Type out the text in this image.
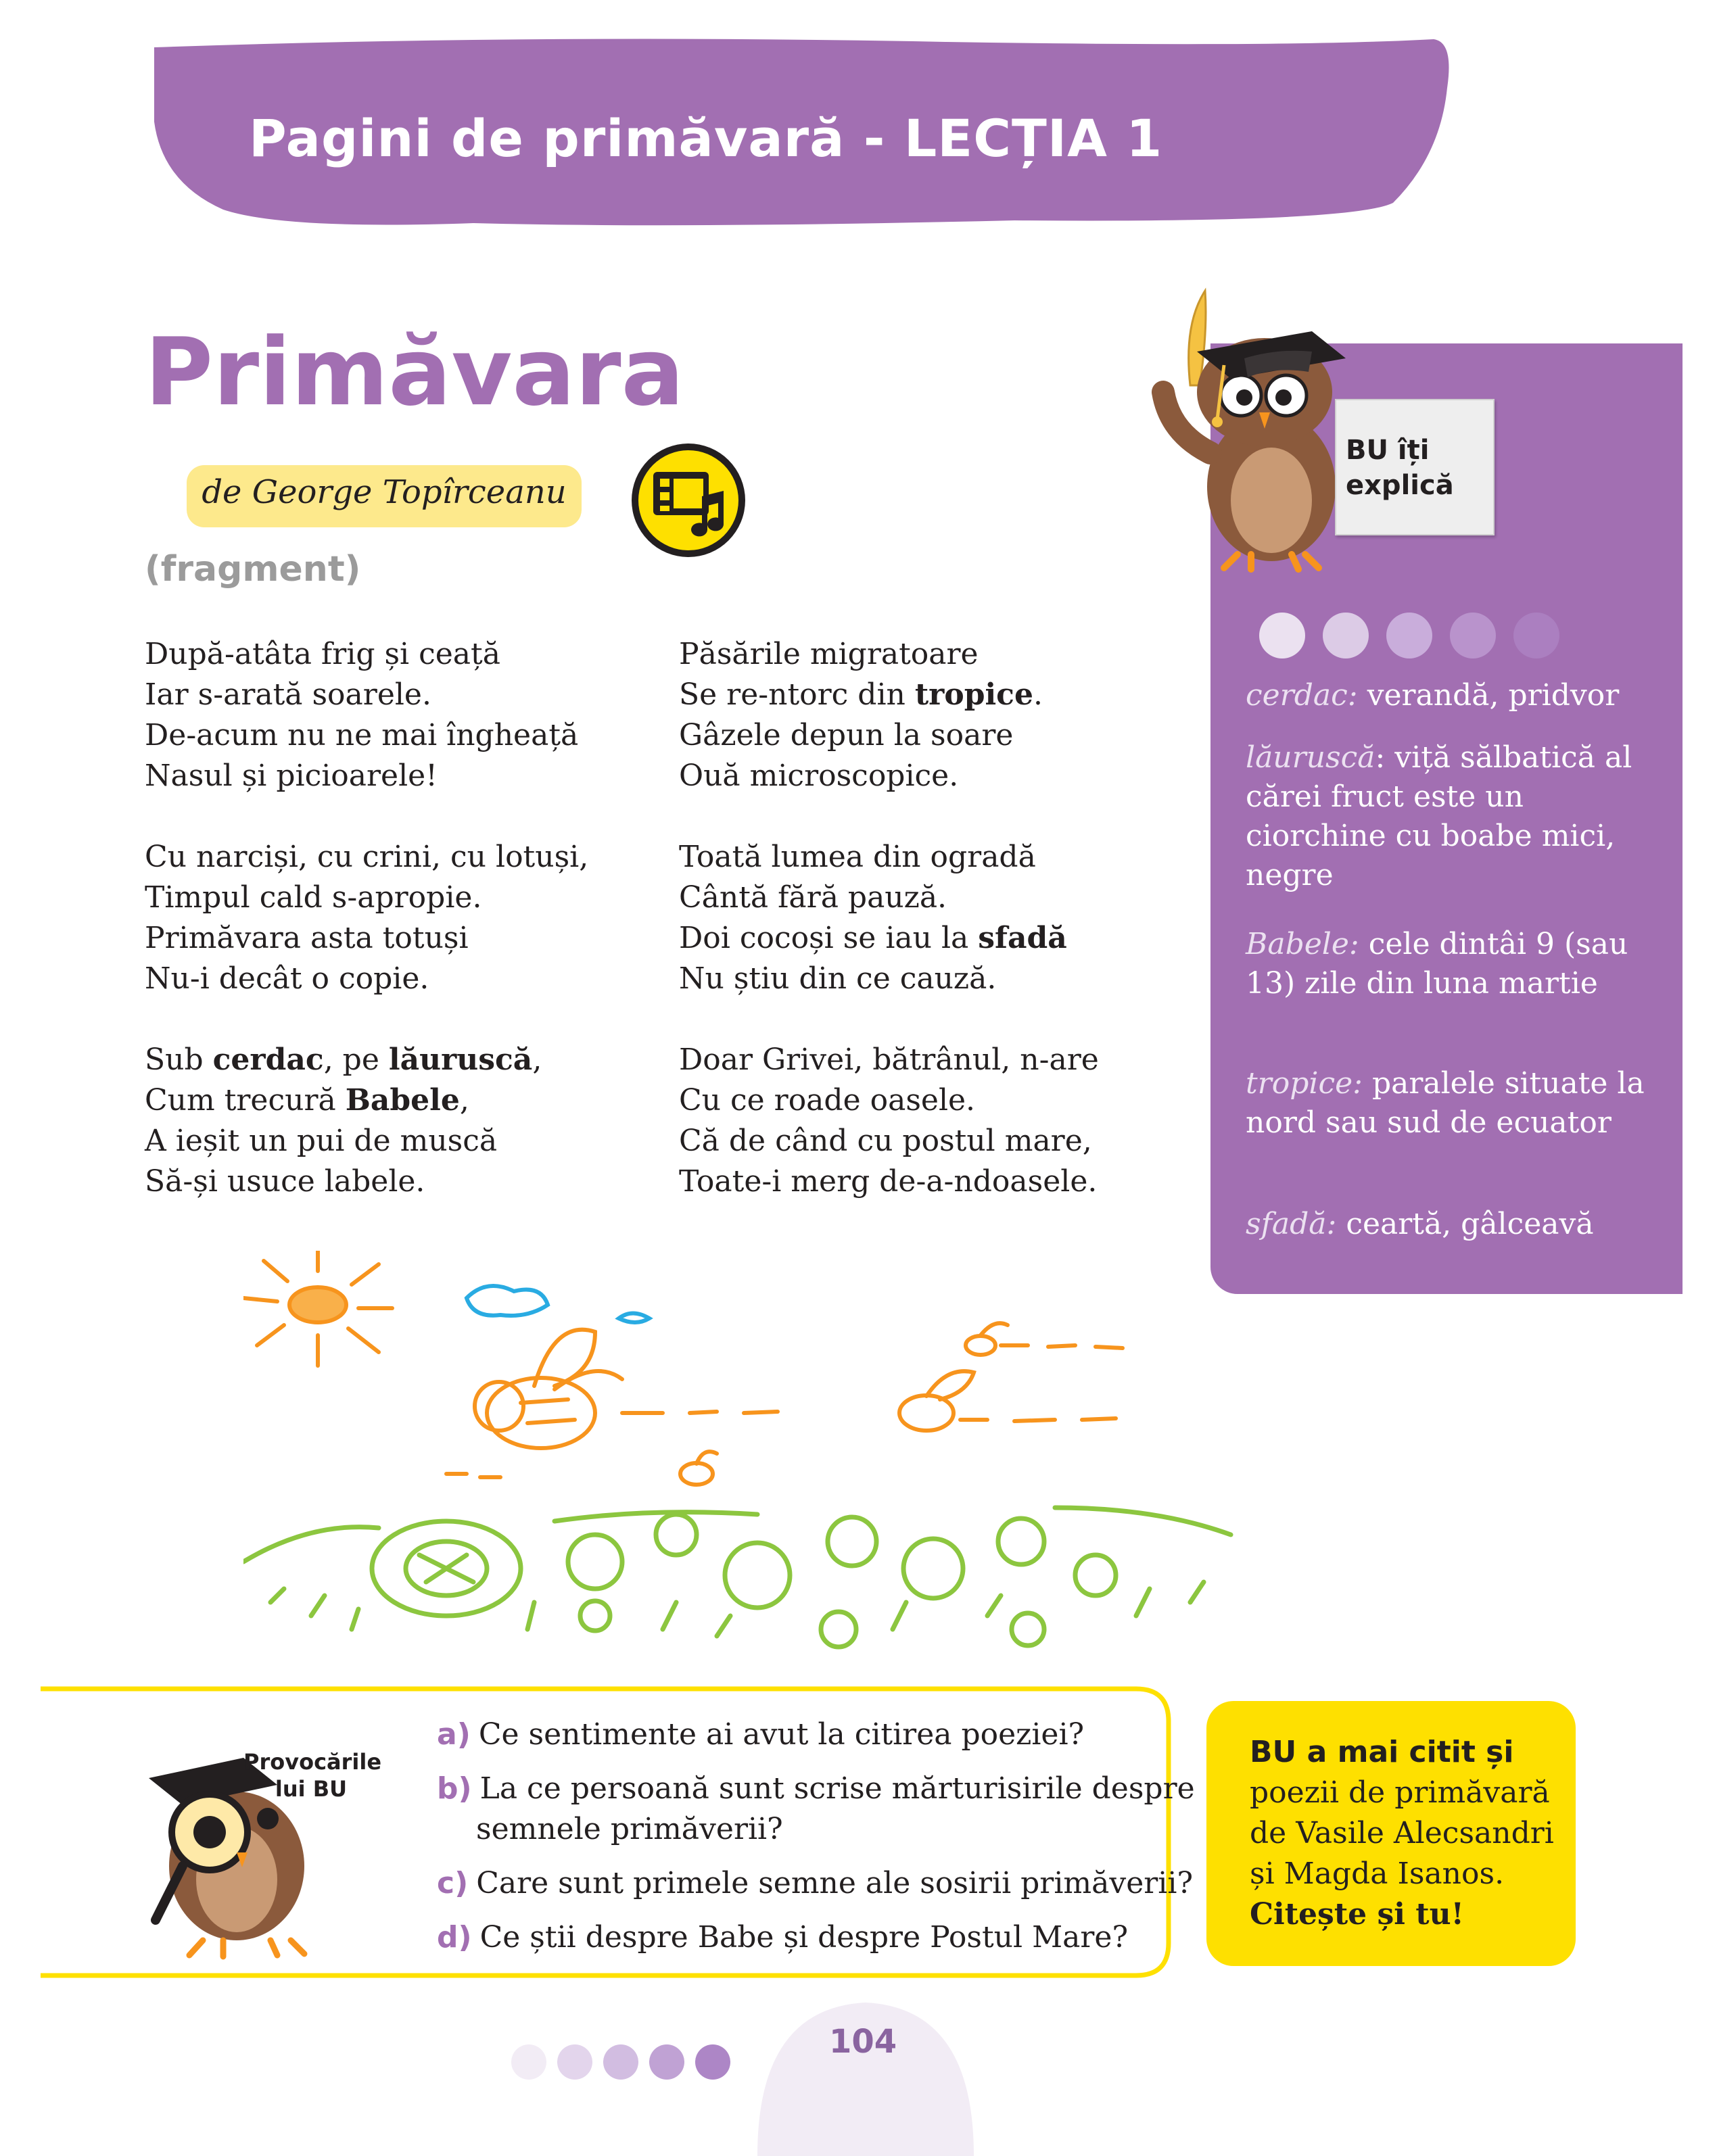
Pagini de primăvară - LECȚIA 1
Primăvara
de George Topîrceanu
(fragment)
După-atâta frig și ceață
Iar s-arată soarele.
De-acum nu ne mai îngheață
Nasul și picioarele!
Cu narciși, cu crini, cu lotuși,
Timpul cald s-apropie.
Primăvara asta totuși
Nu-i decât o copie.
Sub cerdac, pe lăuruscă,
Cum trecură Babele,
A ieșit un pui de muscă
Să-și usuce labele.
Păsările migratoare
Se re-ntorc din tropice.
Gâzele depun la soare
Ouă microscopice.
Toată lumea din ogradă
Cântă fără pauză.
Doi cocoși se iau la sfadă
Nu știu din ce cauză.
Doar Grivei, bătrânul, n-are
Cu ce roade oasele.
Că de când cu postul mare,
Toate-i merg de-a-ndoasele.
BU îți explică
cerdac: verandă, pridvor
lăuruscă: viță sălbatică al cărei fruct este un ciorchine cu boabe mici, negre
Babele: cele dintâi 9 (sau 13) zile din luna martie
tropice: paralele situate la nord sau sud de ecuator
sfadă: ceartă, gâlceavă
Provocările lui BU
a) Ce sentimente ai avut la citirea poeziei?
b) La ce persoană sunt scrise mărturisirile despre
semnele primăverii?
c) Care sunt primele semne ale sosirii primăverii?
d) Ce știi despre Babe și despre Postul Mare?
BU a mai citit și
poezii de primăvară de Vasile Alecsandri și Magda Isanos.
Citește și tu!
104
